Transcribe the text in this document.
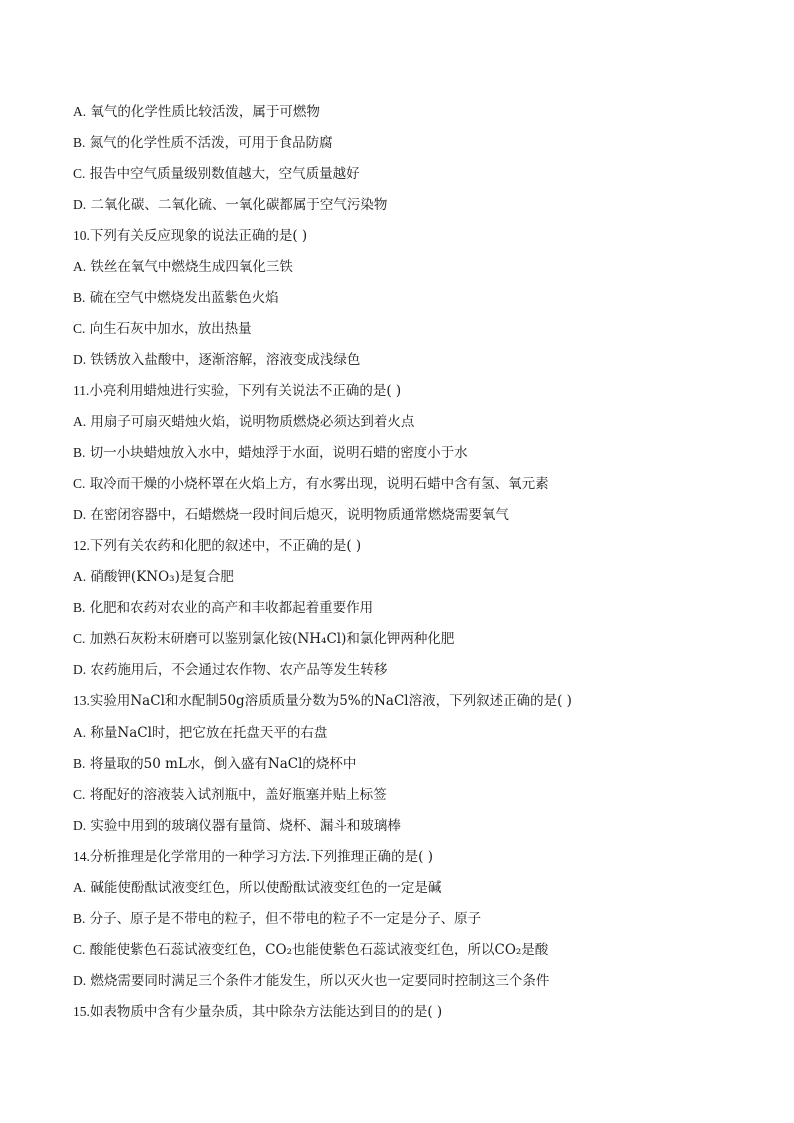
A. 氧气的化学性质比较活泼，属于可燃物
B. 氮气的化学性质不活泼，可用于食品防腐
C. 报告中空气质量级别数值越大，空气质量越好
D. 二氧化碳、二氧化硫、一氧化碳都属于空气污染物
10.下列有关反应现象的说法正确的是( )
A. 铁丝在氧气中燃烧生成四氧化三铁
B. 硫在空气中燃烧发出蓝紫色火焰
C. 向生石灰中加水，放出热量
D. 铁锈放入盐酸中，逐渐溶解，溶液变成浅绿色
11.小亮利用蜡烛进行实验，下列有关说法不正确的是( )
A. 用扇子可扇灭蜡烛火焰，说明物质燃烧必须达到着火点
B. 切一小块蜡烛放入水中，蜡烛浮于水面，说明石蜡的密度小于水
C. 取冷而干燥的小烧杯罩在火焰上方，有水雾出现，说明石蜡中含有氢、氧元素
D. 在密闭容器中，石蜡燃烧一段时间后熄灭，说明物质通常燃烧需要氧气
12.下列有关农药和化肥的叙述中，不正确的是( )
A. 硝酸钾(KNO₃)是复合肥
B. 化肥和农药对农业的高产和丰收都起着重要作用
C. 加熟石灰粉末研磨可以鉴别氯化铵(NH₄Cl)和氯化钾两种化肥
D. 农药施用后，不会通过农作物、农产品等发生转移
13.实验用NaCl和水配制50g溶质质量分数为5%的NaCl溶液，下列叙述正确的是( )
A. 称量NaCl时，把它放在托盘天平的右盘
B. 将量取的50 mL水，倒入盛有NaCl的烧杯中
C. 将配好的溶液装入试剂瓶中，盖好瓶塞并贴上标签
D. 实验中用到的玻璃仪器有量筒、烧杯、漏斗和玻璃棒
14.分析推理是化学常用的一种学习方法.下列推理正确的是( )
A. 碱能使酚酞试液变红色，所以使酚酞试液变红色的一定是碱
B. 分子、原子是不带电的粒子，但不带电的粒子不一定是分子、原子
C. 酸能使紫色石蕊试液变红色，CO₂也能使紫色石蕊试液变红色，所以CO₂是酸
D. 燃烧需要同时满足三个条件才能发生，所以灭火也一定要同时控制这三个条件
15.如表物质中含有少量杂质，其中除杂方法能达到目的的是( )
